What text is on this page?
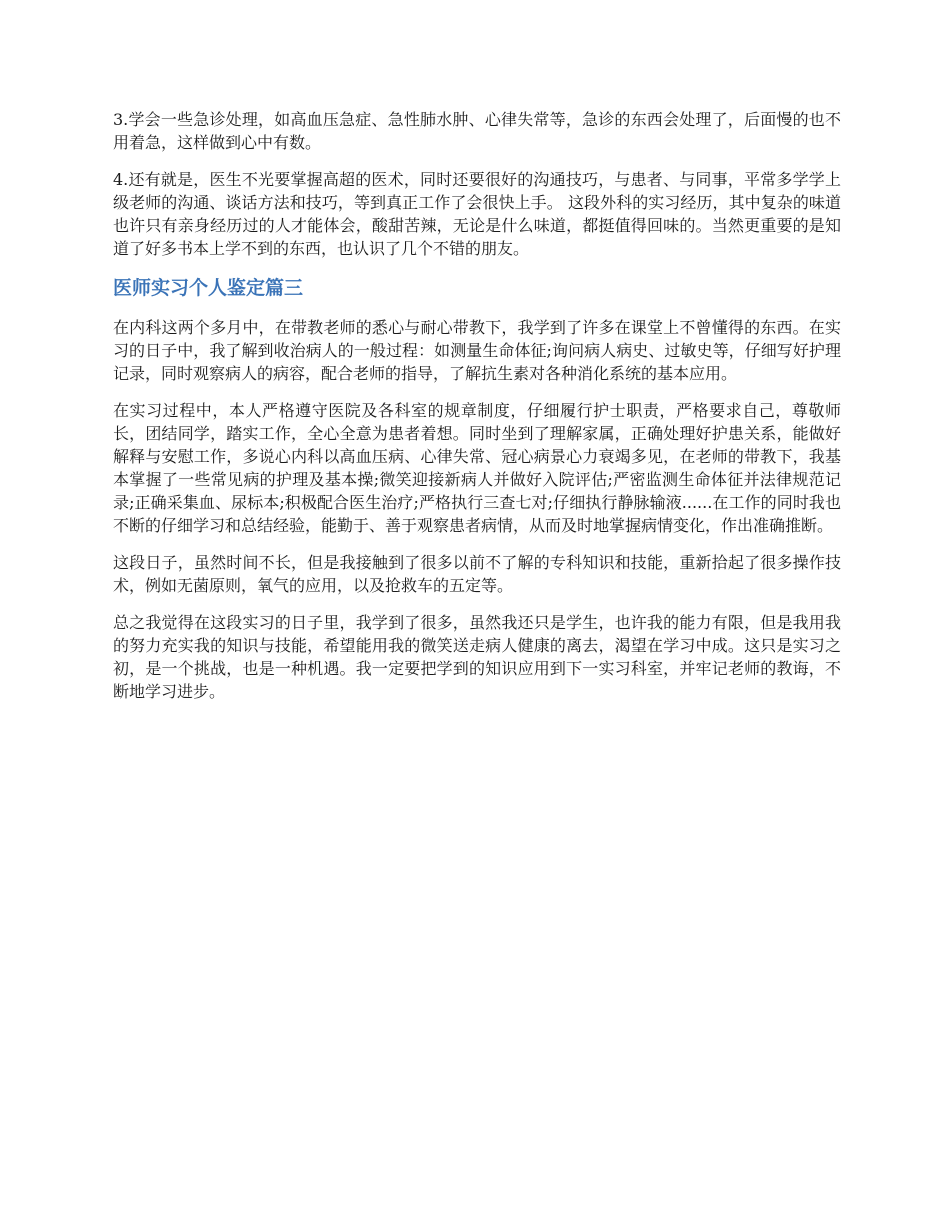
3.学会一些急诊处理，如高血压急症、急性肺水肿、心律失常等，急诊的东西会处理了，后面慢的也不用着急，这样做到心中有数。

4.还有就是，医生不光要掌握高超的医术，同时还要很好的沟通技巧，与患者、与同事，平常多学学上级老师的沟通、谈话方法和技巧，等到真正工作了会很快上手。 这段外科的实习经历，其中复杂的味道也许只有亲身经历过的人才能体会，酸甜苦辣，无论是什么味道，都挺值得回味的。当然更重要的是知道了好多书本上学不到的东西，也认识了几个不错的朋友。

医师实习个人鉴定篇三

在内科这两个多月中，在带教老师的悉心与耐心带教下，我学到了许多在课堂上不曾懂得的东西。在实习的日子中，我了解到收治病人的一般过程：如测量生命体征;询问病人病史、过敏史等，仔细写好护理记录，同时观察病人的病容，配合老师的指导，了解抗生素对各种消化系统的基本应用。

在实习过程中，本人严格遵守医院及各科室的规章制度，仔细履行护士职责，严格要求自己，尊敬师长，团结同学，踏实工作，全心全意为患者着想。同时坐到了理解家属，正确处理好护患关系，能做好解释与安慰工作，多说心内科以高血压病、心律失常、冠心病景心力衰竭多见，在老师的带教下，我基本掌握了一些常见病的护理及基本操;微笑迎接新病人并做好入院评估;严密监测生命体征并法律规范记录;正确采集血、尿标本;积极配合医生治疗;严格执行三查七对;仔细执行静脉输液......在工作的同时我也不断的仔细学习和总结经验，能勤于、善于观察患者病情，从而及时地掌握病情变化，作出准确推断。

这段日子，虽然时间不长，但是我接触到了很多以前不了解的专科知识和技能，重新拾起了很多操作技术，例如无菌原则，氧气的应用，以及抢救车的五定等。

总之我觉得在这段实习的日子里，我学到了很多，虽然我还只是学生，也许我的能力有限，但是我用我的努力充实我的知识与技能，希望能用我的微笑送走病人健康的离去，渴望在学习中成。这只是实习之初，是一个挑战，也是一种机遇。我一定要把学到的知识应用到下一实习科室，并牢记老师的教诲，不断地学习进步。
